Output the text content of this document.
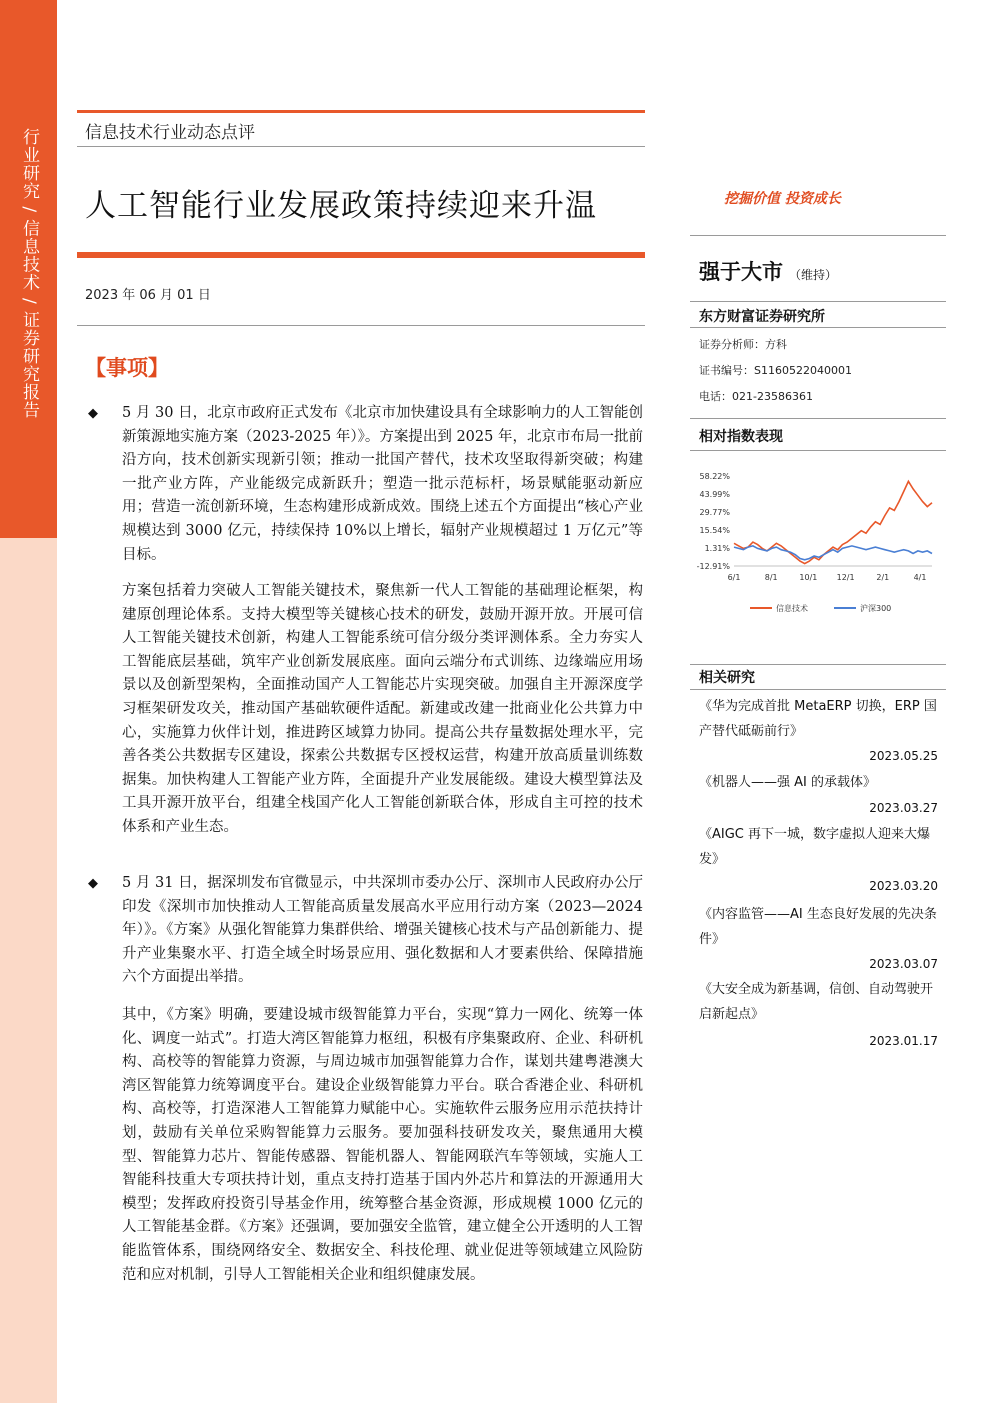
行业研究 / 信息技术 / 证券研究报告	信息技术行业动态点评
人工智能行业发展政策持续迎来升温
2023 年 06 月 01 日
【事项】
◆ 5 月 30 日，北京市政府正式发布《北京市加快建设具有全球影响力的人工智能创新策源地实施方案（2023-2025 年）》。方案提出到 2025 年，北京市布局一批前沿方向，技术创新实现新引领；推动一批国产替代，技术攻坚取得新突破；构建一批产业方阵，产业能级完成新跃升；塑造一批示范标杆，场景赋能驱动新应用；营造一流创新环境，生态构建形成新成效。围绕上述五个方面提出“核心产业规模达到 3000 亿元，持续保持 10%以上增长，辐射产业规模超过 1 万亿元”等目标。
方案包括着力突破人工智能关键技术，聚焦新一代人工智能的基础理论框架，构建原创理论体系。支持大模型等关键核心技术的研发，鼓励开源开放。开展可信人工智能关键技术创新，构建人工智能系统可信分级分类评测体系。全力夯实人工智能底层基础，筑牢产业创新发展底座。面向云端分布式训练、边缘端应用场景以及创新型架构，全面推动国产人工智能芯片实现突破。加强自主开源深度学习框架研发攻关，推动国产基础软硬件适配。新建或改建一批商业化公共算力中心，实施算力伙伴计划，推进跨区域算力协同。提高公共存量数据处理水平，完善各类公共数据专区建设，探索公共数据专区授权运营，构建开放高质量训练数据集。加快构建人工智能产业方阵，全面提升产业发展能级。建设大模型算法及工具开源开放平台，组建全栈国产化人工智能创新联合体，形成自主可控的技术体系和产业生态。
◆ 5 月 31 日，据深圳发布官微显示，中共深圳市委办公厅、深圳市人民政府办公厅印发《深圳市加快推动人工智能高质量发展高水平应用行动方案（2023—2024 年）》。《方案》从强化智能算力集群供给、增强关键核心技术与产品创新能力、提升产业集聚水平、打造全域全时场景应用、强化数据和人才要素供给、保障措施六个方面提出举措。
其中，《方案》明确，要建设城市级智能算力平台，实现“算力一网化、统筹一体化、调度一站式”。打造大湾区智能算力枢纽，积极有序集聚政府、企业、科研机构、高校等的智能算力资源，与周边城市加强智能算力合作，谋划共建粤港澳大湾区智能算力统筹调度平台。建设企业级智能算力平台。联合香港企业、科研机构、高校等，打造深港人工智能算力赋能中心。实施软件云服务应用示范扶持计划，鼓励有关单位采购智能算力云服务。要加强科技研发攻关，聚焦通用大模型、智能算力芯片、智能传感器、智能机器人、智能网联汽车等领域，实施人工智能科技重大专项扶持计划，重点支持打造基于国内外芯片和算法的开源通用大模型；发挥政府投资引导基金作用，统筹整合基金资源，形成规模 1000 亿元的人工智能基金群。《方案》还强调，要加强安全监管，建立健全公开透明的人工智能监管体系，围绕网络安全、数据安全、科技伦理、就业促进等领域建立风险防范和应对机制，引导人工智能相关企业和组织健康发展。
挖掘价值 投资成长
强于大市 （维持）
东方财富证券研究所
证券分析师：方科
证书编号：S1160522040001
电话：021-23586361
相对指数表现
58.22%
43.99%
29.77%
15.54%
1.31%
-12.91%
6/1	8/1	10/1 12/1	2/1	4/1
信息技术	沪深300
相关研究
《华为完成首批 MetaERP 切换，ERP 国产替代砥砺前行》
2023.05.25
《机器人——强 AI 的承载体》
2023.03.27
《AIGC 再下一城，数字虚拟人迎来大爆发》
2023.03.20
《内容监管——AI 生态良好发展的先决条件》
2023.03.07
《大安全成为新基调，信创、自动驾驶开启新起点》
2023.01.17
